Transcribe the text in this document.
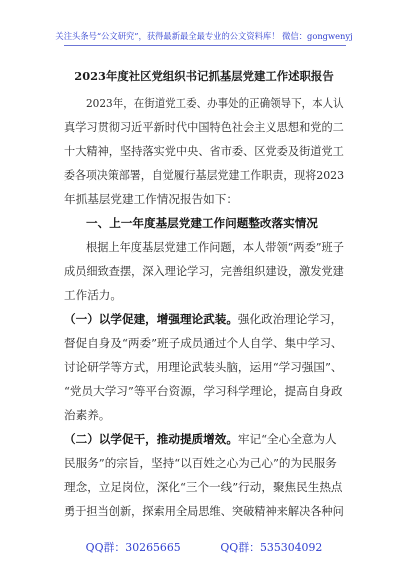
关注头条号“公文研究”，获得最新最全最专业的公文资料库！ 微信：gongwenyj
2023年度社区党组织书记抓基层党建工作述职报告
2023年，在街道党工委、办事处的正确领导下，本人认
真学习贯彻习近平新时代中国特色社会主义思想和党的二
十大精神，坚持落实党中央、省市委、区党委及街道党工
委各项决策部署，自觉履行基层党建工作职责，现将2023
年抓基层党建工作情况报告如下：
一、上一年度基层党建工作问题整改落实情况
根据上年度基层党建工作问题，本人带领“两委”班子
成员细致查摆，深入理论学习，完善组织建设，激发党建
工作活力。
（一）以学促建，增强理论武装。强化政治理论学习，
督促自身及“两委”班子成员通过个人自学、集中学习、
讨论研学等方式，用理论武装头脑，运用“学习强国”、
“党员大学习”等平台资源，学习科学理论，提高自身政
治素养。
（二）以学促干，推动提质增效。牢记“全心全意为人
民服务”的宗旨，坚持“以百姓之心为己心”的为民服务
理念，立足岗位，深化“三个一线”行动，聚焦民生热点
勇于担当创新，探索用全局思维、突破精神来解决各种问
QQ群：30265665	QQ群：535304092
